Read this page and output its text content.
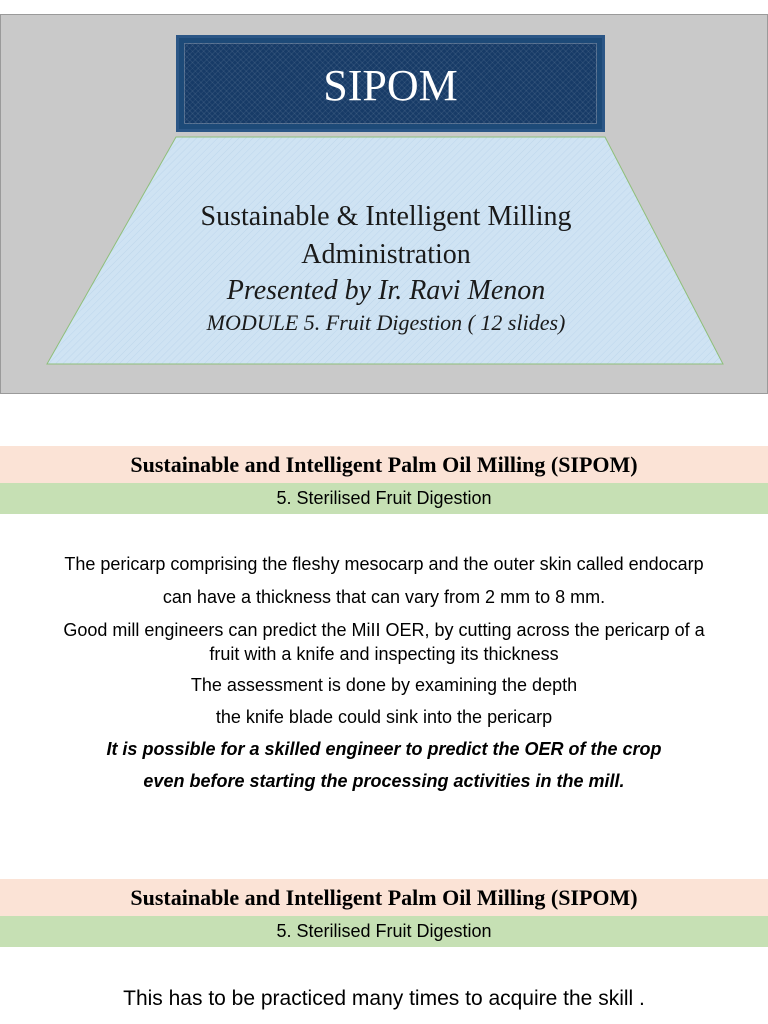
SIPOM
Sustainable & Intelligent Milling
Administration
Presented by Ir. Ravi Menon
MODULE 5. Fruit Digestion ( 12 slides)
Sustainable and Intelligent Palm Oil Milling (SIPOM)
5. Sterilised Fruit Digestion
The pericarp comprising the fleshy mesocarp and the outer skin called endocarp
can have a thickness that can vary from 2 mm to 8 mm.
Good mill engineers can predict the MiII OER, by cutting across the pericarp of a
fruit with a knife and inspecting its thickness
The assessment is done by examining the depth
the knife blade could sink into the pericarp
It is possible for a skilled engineer to predict the OER of the crop
even before starting the processing activities in the mill.
Sustainable and Intelligent Palm Oil Milling (SIPOM)
5. Sterilised Fruit Digestion
This has to be practiced many times to acquire the skill .
